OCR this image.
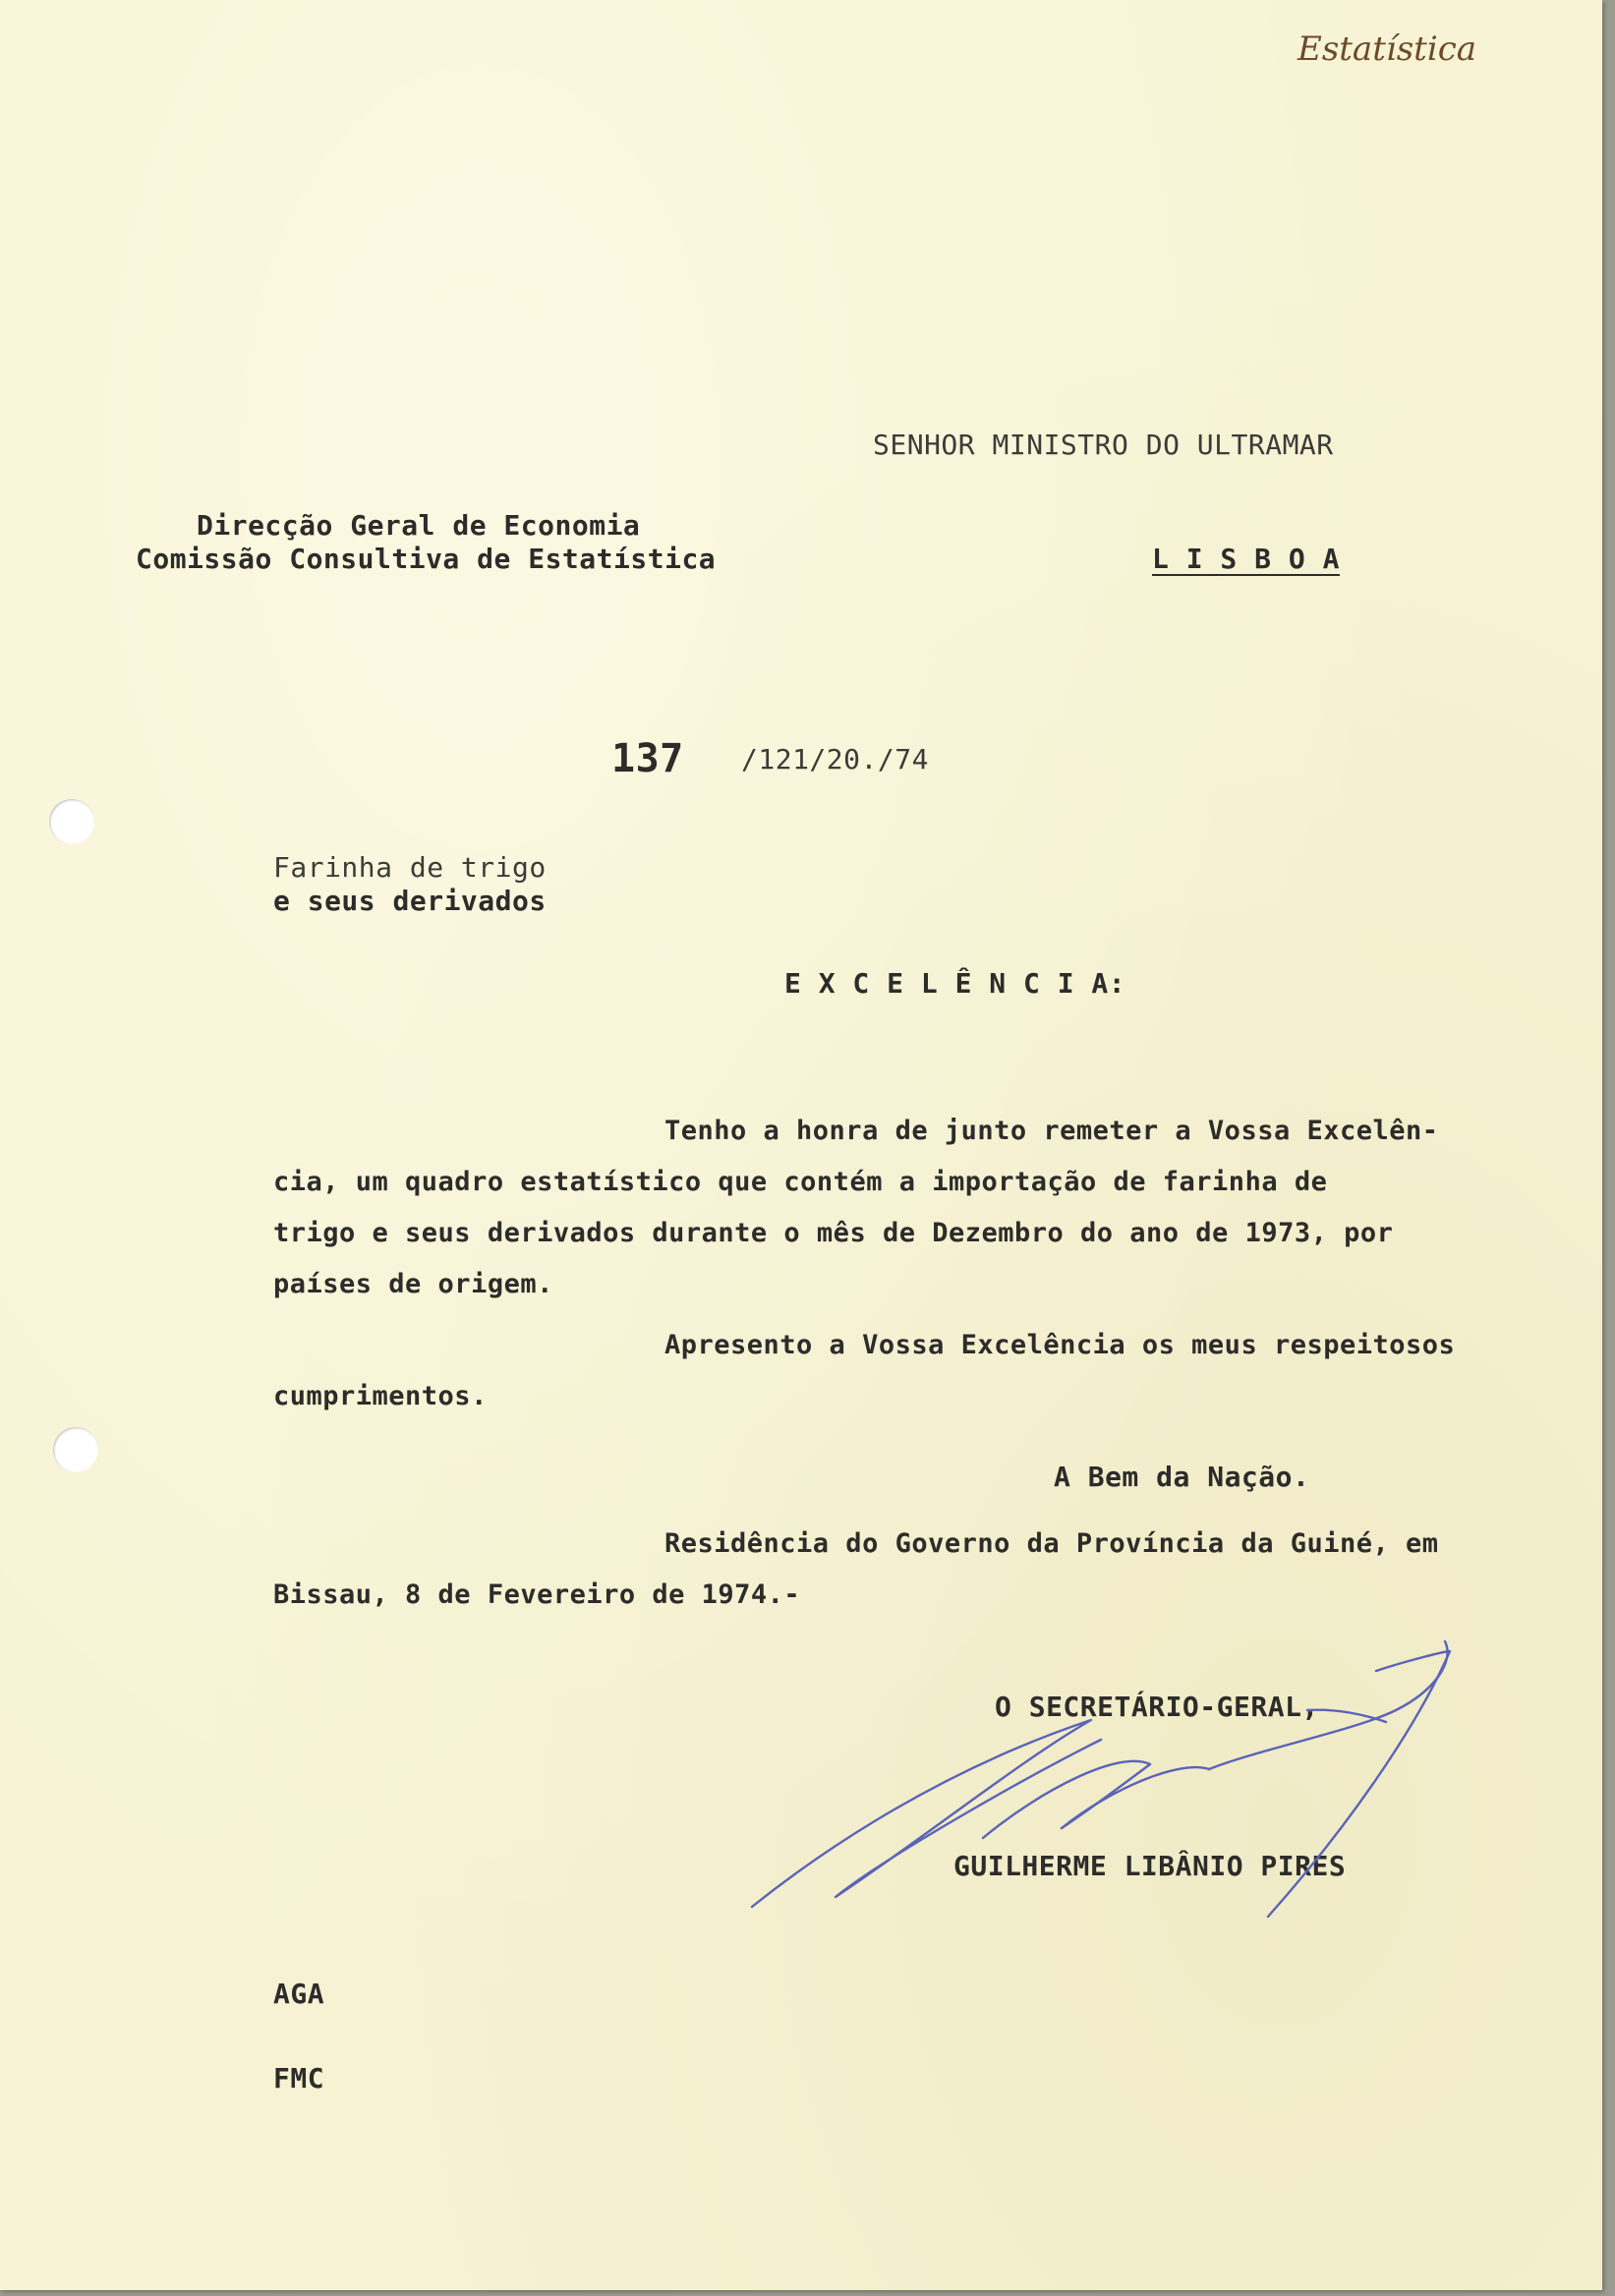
Estatística
SENHOR MINISTRO DO ULTRAMAR
Direcção Geral de Economia
Comissão Consultiva de Estatística	L I S B O A
137 /121/20./74
Farinha de trigo
e seus derivados
E X C E L Ê N C I A:
Tenho a honra de junto remeter a Vossa Excelên-
cia, um quadro estatístico que contém a importação de farinha de
trigo e seus derivados durante o mês de Dezembro do ano de 1973, por
países de origem.
Apresento a Vossa Excelência os meus respeitosos
cumprimentos.
A Bem da Nação.
Residência do Governo da Província da Guiné, em
Bissau, 8 de Fevereiro de 1974.-
O SECRETÁRIO-GERAL,
GUILHERME LIBÂNIO PIRES
AGA
FMC
